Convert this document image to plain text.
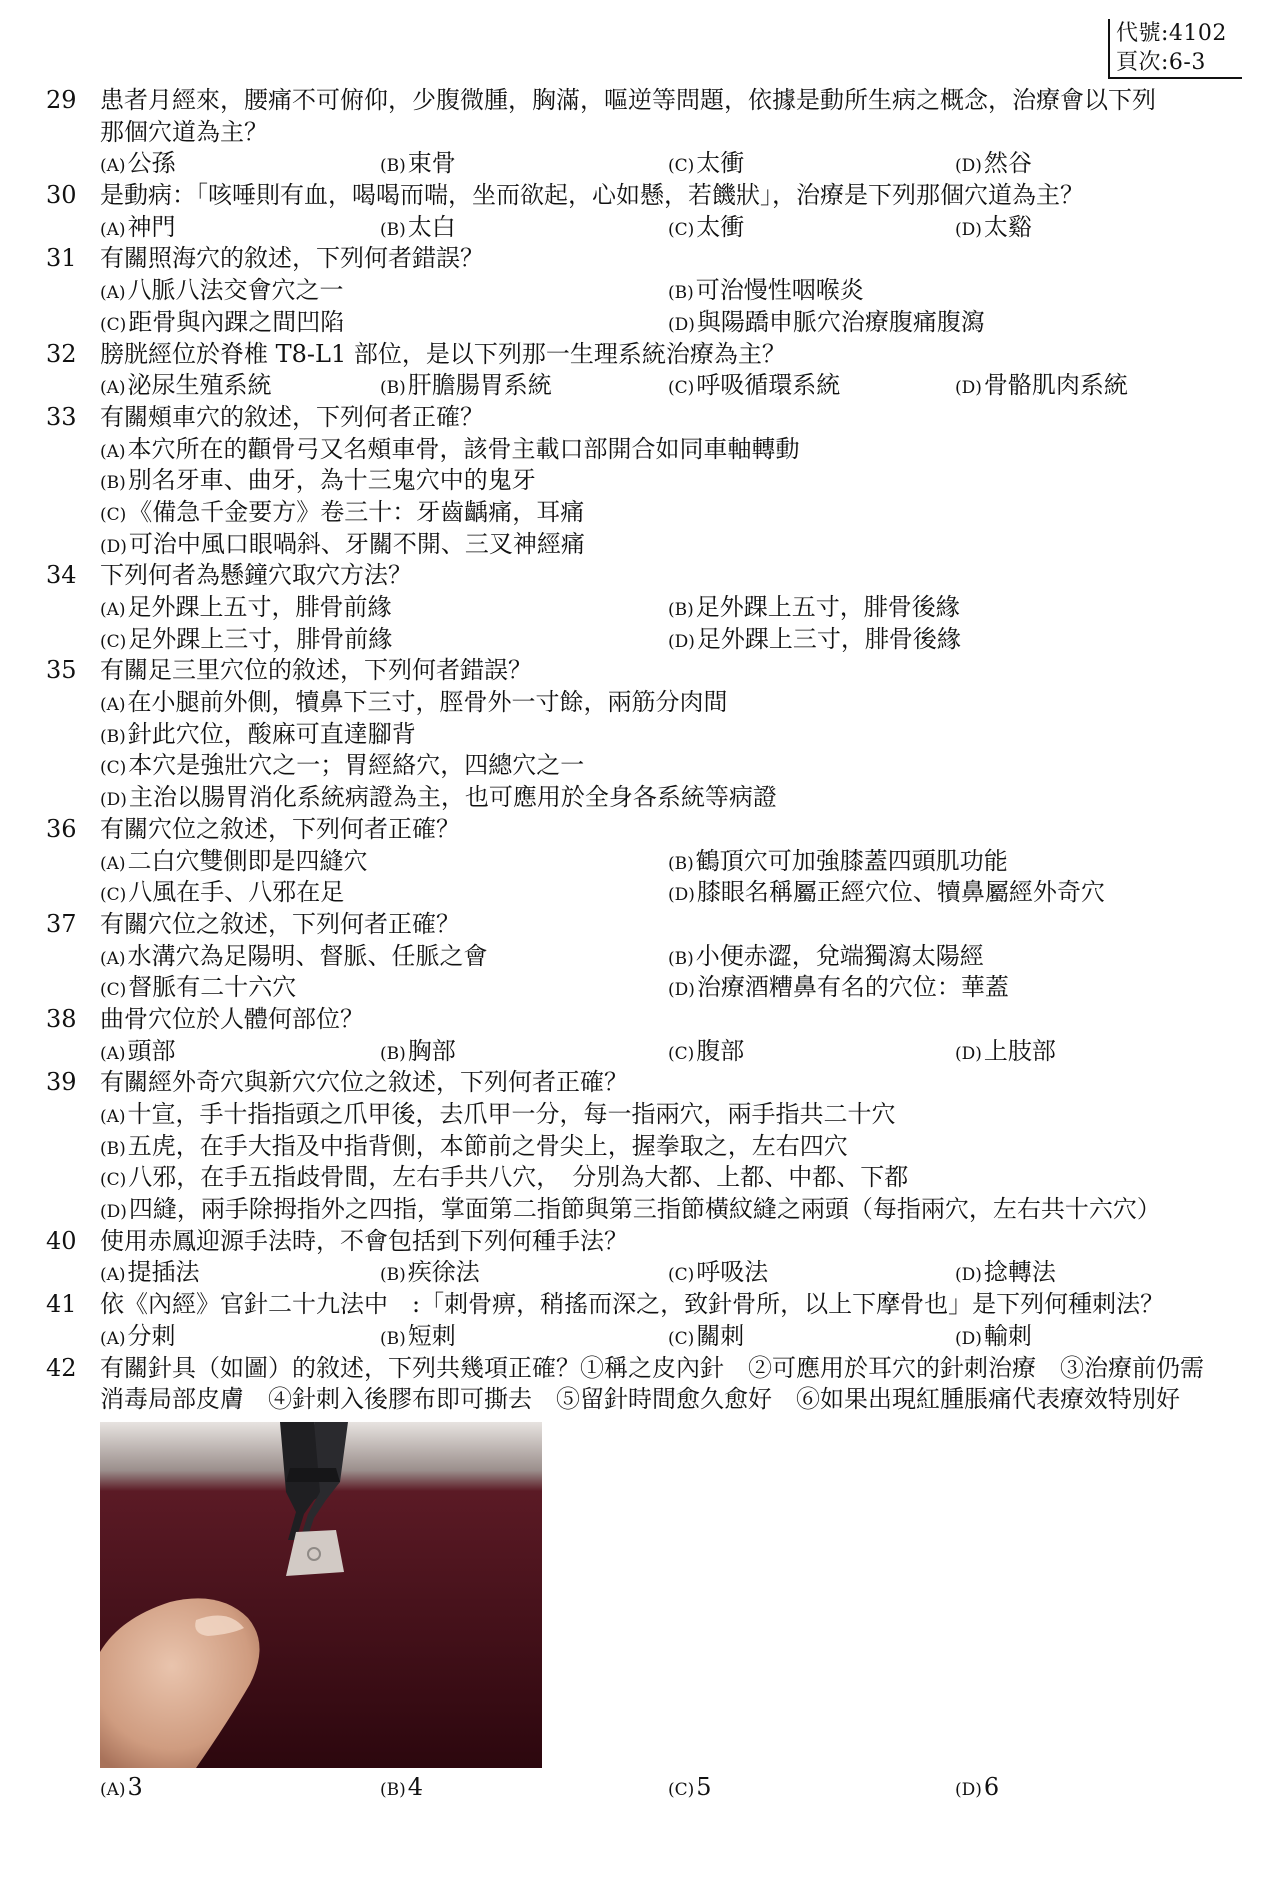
代號:4102
頁次:6-3
29 患者月經來，腰痛不可俯仰，少腹微腫，胸滿，嘔逆等問題，依據是動所生病之概念，治療會以下列
那個穴道為主？
(A)公孫	(B)束骨	(C)太衝	(D)然谷
30 是動病：「咳唾則有血，喝喝而喘，坐而欲起，心如懸，若饑狀」，治療是下列那個穴道為主？
(A)神門	(B)太白	(C)太衝	(D)太谿
31 有關照海穴的敘述，下列何者錯誤？
(A)八脈八法交會穴之一	(B)可治慢性咽喉炎
(C)距骨與內踝之間凹陷	(D)與陽蹻申脈穴治療腹痛腹瀉
32 膀胱經位於脊椎 T8-L1 部位，是以下列那一生理系統治療為主？
(A)泌尿生殖系統	(B)肝膽腸胃系統	(C)呼吸循環系統	(D)骨骼肌肉系統
33 有關頰車穴的敘述，下列何者正確？
(A)本穴所在的顴骨弓又名頰車骨，該骨主載口部開合如同車軸轉動
(B)別名牙車、曲牙，為十三鬼穴中的鬼牙
(C)《備急千金要方》卷三十：牙齒齲痛，耳痛
(D)可治中風口眼喎斜、牙關不開、三叉神經痛
34 下列何者為懸鐘穴取穴方法？
(A)足外踝上五寸，腓骨前緣	(B)足外踝上五寸，腓骨後緣
(C)足外踝上三寸，腓骨前緣	(D)足外踝上三寸，腓骨後緣
35 有關足三里穴位的敘述，下列何者錯誤？
(A)在小腿前外側，犢鼻下三寸，脛骨外一寸餘，兩筋分肉間
(B)針此穴位，酸麻可直達腳背
(C)本穴是強壯穴之一；胃經絡穴，四總穴之一
(D)主治以腸胃消化系統病證為主，也可應用於全身各系統等病證
36 有關穴位之敘述，下列何者正確？
(A)二白穴雙側即是四縫穴	(B)鶴頂穴可加強膝蓋四頭肌功能
(C)八風在手、八邪在足	(D)膝眼名稱屬正經穴位、犢鼻屬經外奇穴
37 有關穴位之敘述，下列何者正確？
(A)水溝穴為足陽明、督脈、任脈之會	(B)小便赤澀，兌端獨瀉太陽經
(C)督脈有二十六穴	(D)治療酒糟鼻有名的穴位：華蓋
38 曲骨穴位於人體何部位？
(A)頭部	(B)胸部	(C)腹部	(D)上肢部
39 有關經外奇穴與新穴穴位之敘述，下列何者正確？
(A)十宣，手十指指頭之爪甲後，去爪甲一分，每一指兩穴，兩手指共二十穴
(B)五虎，在手大指及中指背側，本節前之骨尖上，握拳取之，左右四穴
(C)八邪，在手五指歧骨間，左右手共八穴，　分別為大都、上都、中都、下都
(D)四縫，兩手除拇指外之四指，掌面第二指節與第三指節橫紋縫之兩頭（每指兩穴，左右共十六穴）
40 使用赤鳳迎源手法時，不會包括到下列何種手法？
(A)提插法	(B)疾徐法	(C)呼吸法	(D)捻轉法
41 依《內經》官針二十九法中　:「刺骨痹，稍搖而深之，致針骨所，以上下摩骨也」是下列何種刺法？
(A)分刺	(B)短刺	(C)關刺	(D)輸刺
42 有關針具（如圖）的敘述，下列共幾項正確？①稱之皮內針　②可應用於耳穴的針刺治療　③治療前仍需
消毒局部皮膚　④針刺入後膠布即可撕去　⑤留針時間愈久愈好　⑥如果出現紅腫脹痛代表療效特別好
(A)3	(B)4	(C)5	(D)6
